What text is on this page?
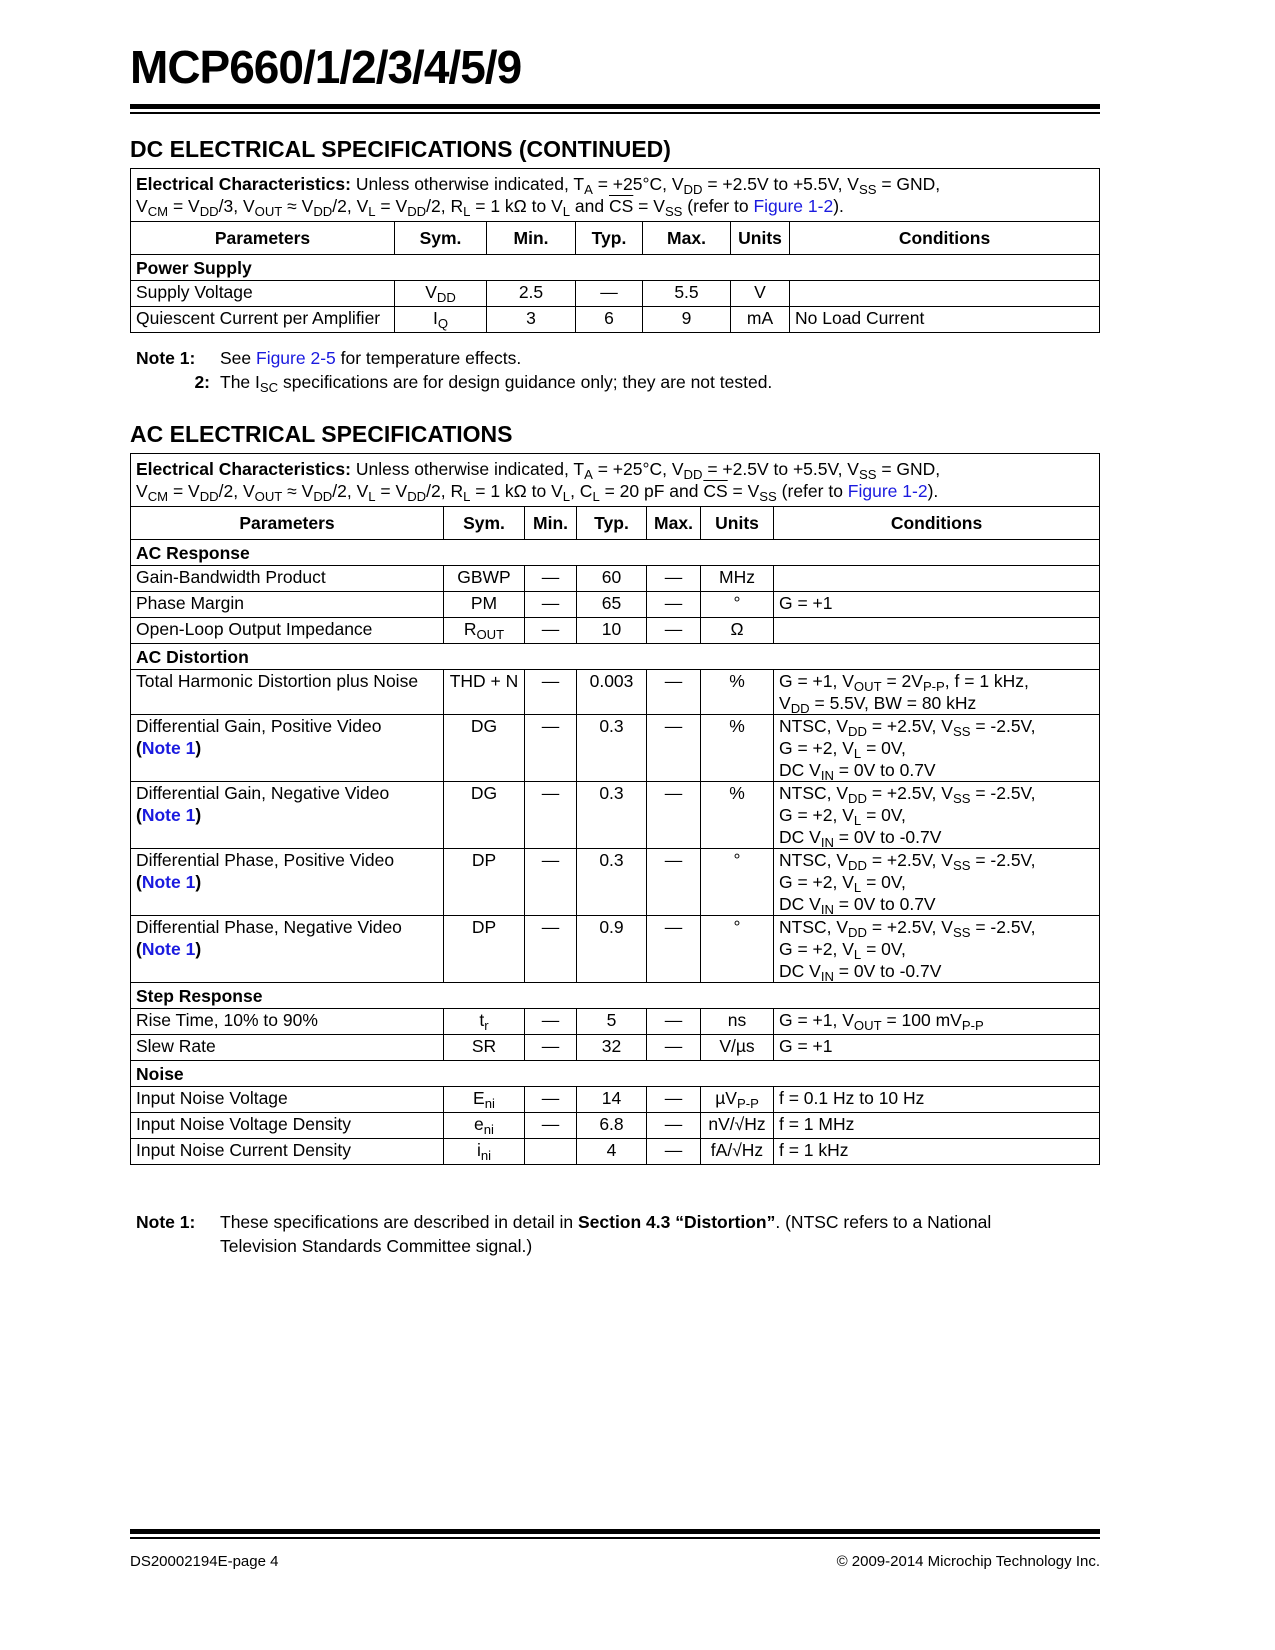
MCP660/1/2/3/4/5/9
DC ELECTRICAL SPECIFICATIONS (CONTINUED)
Electrical Characteristics: Unless otherwise indicated, $T_A = +25^\circ C$, $V_{DD} = +2.5V$ to +5.5V, $V_{SS}$ = GND,
$V_{CM} = V_{DD}/3$, $V_{OUT} \approx V_{DD}/2$, $V_L = V_{DD}/2$, $R_L = 1$ kΩ to $V_L$ and $\overline{CS} = V_{SS}$ (refer to Figure 1-2).						
Parameters	Sym.	Min.	Typ.	Max.	Units	Conditions
Power Supply						
Supply Voltage	$V_{DD}$	2.5	—	5.5	V	
Quiescent Current per Amplifier	$I_Q$	3	6	9	mA	No Load Current
Note 1:	See Figure 2-5 for temperature effects.
2: The $I_{SC}$ specifications are for design guidance only; they are not tested.
AC ELECTRICAL SPECIFICATIONS
Electrical Characteristics: Unless otherwise indicated, $T_A = +25^\circ C$, $V_{DD} = +2.5V$ to +5.5V, $V_{SS}$ = GND,
$V_{CM} = V_{DD}/2$, $V_{OUT} \approx V_{DD}/2$, $V_L = V_{DD}/2$, $R_L = 1$ kΩ to $V_L$, $C_L = 20$ pF and $\overline{CS} = V_{SS}$ (refer to Figure 1-2).						
Parameters	Sym.	Min.	Typ.	Max.	Units	Conditions
AC Response						
Gain-Bandwidth Product	GBWP	—	60	—	MHz	
Phase Margin	PM	—	65	—	°	G = +1
Open-Loop Output Impedance	$R_{OUT}$	—	10	—	Ω	
AC Distortion						
Total Harmonic Distortion plus Noise	THD + N	—	0.003	—	%	G = +1, $V_{OUT} = 2V_{P-P}$, f = 1 kHz,
$V_{DD} = 5.5V$, BW = 80 kHz
Differential Gain, Positive Video
(Note 1)	DG	—	0.3	—	%	NTSC, $V_{DD} = +2.5V$, $V_{SS} = -2.5V$,
G = +2, $V_L = 0V$,
DC $V_{IN} = 0V$ to 0.7V
Differential Gain, Negative Video
(Note 1)	DG	—	0.3	—	%	NTSC, $V_{DD} = +2.5V$, $V_{SS} = -2.5V$,
G = +2, $V_L = 0V$,
DC $V_{IN} = 0V$ to -0.7V
Differential Phase, Positive Video
(Note 1)	DP	—	0.3	—	°	NTSC, $V_{DD} = +2.5V$, $V_{SS} = -2.5V$,
G = +2, $V_L = 0V$,
DC $V_{IN} = 0V$ to 0.7V
Differential Phase, Negative Video
(Note 1)	DP	—	0.9	—	°	NTSC, $V_{DD} = +2.5V$, $V_{SS} = -2.5V$,
G = +2, $V_L = 0V$,
DC $V_{IN} = 0V$ to -0.7V
Step Response						
Rise Time, 10% to 90%	$t_r$	—	5	—	ns	G = +1, $V_{OUT} = 100$ $mV_{P-P}$
Slew Rate	SR	—	32	—	V/µs	G = +1
Noise						
Input Noise Voltage	$E_{ni}$	—	14	—	µV$_{P-P}$	f = 0.1 Hz to 10 Hz
Input Noise Voltage Density	$e_{ni}$	—	6.8	—	nV/√Hz	f = 1 MHz
Input Noise Current Density	$i_{ni}$		4	—	fA/√Hz	f = 1 kHz
Note 1:	These specifications are described in detail in Section 4.3 “Distortion”. (NTSC refers to a National Television Standards Committee signal.)
DS20002194E-page 4	© 2009-2014 Microchip Technology Inc.
